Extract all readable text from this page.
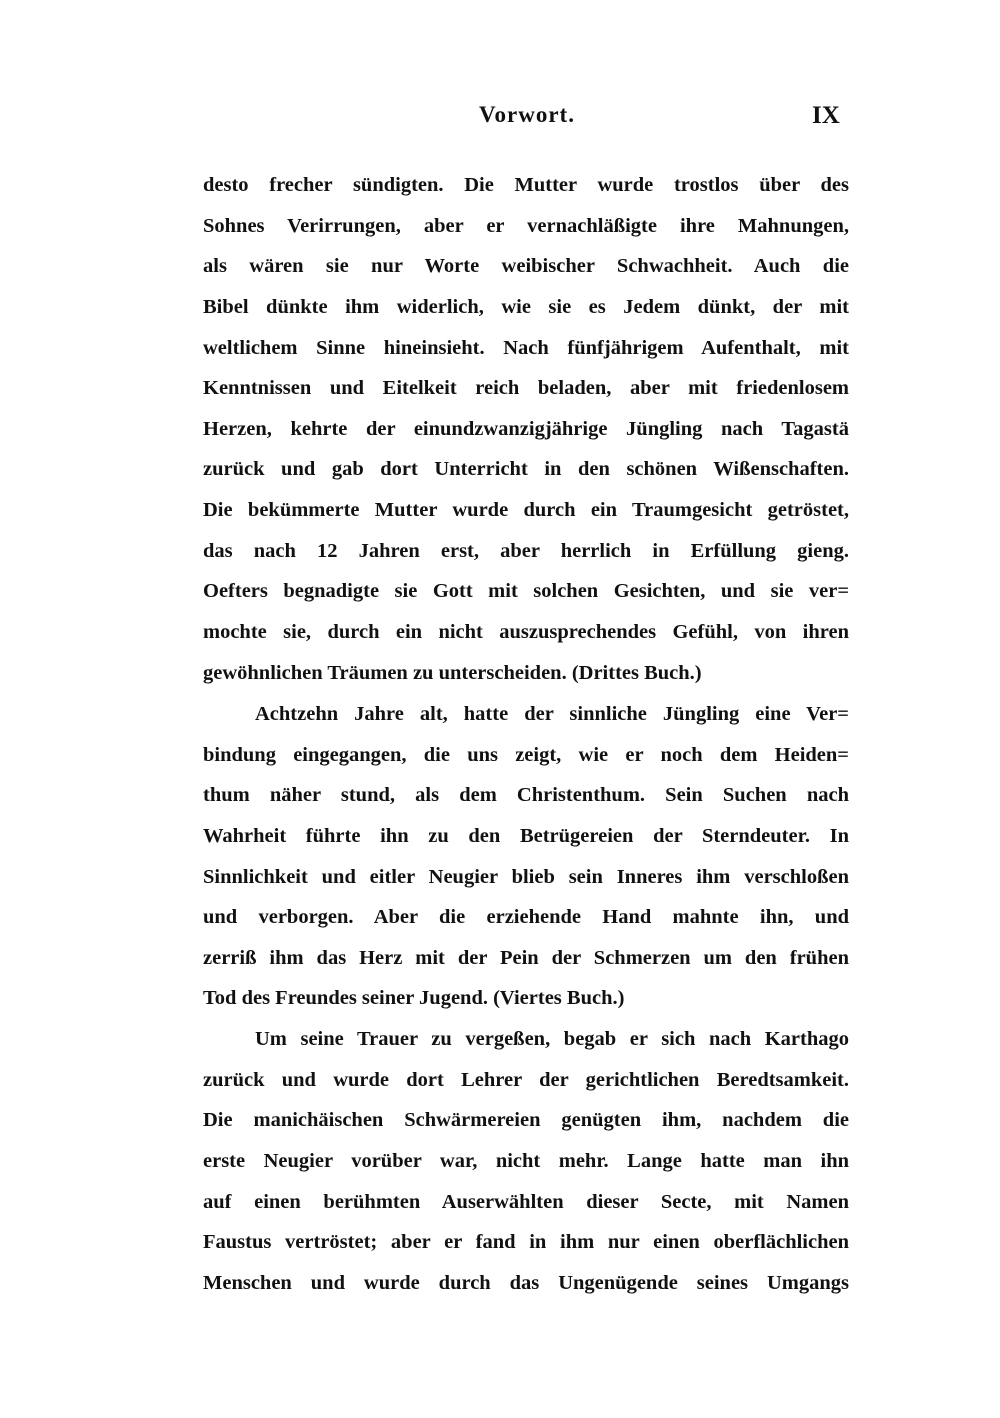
Vorwort.	IX
desto frecher sündigten. Die Mutter wurde trostlos über des
Sohnes Verirrungen, aber er vernachläßigte ihre Mahnungen,
als wären sie nur Worte weibischer Schwachheit. Auch die
Bibel dünkte ihm widerlich, wie sie es Jedem dünkt, der mit
weltlichem Sinne hineinsieht. Nach fünfjährigem Aufenthalt, mit
Kenntnissen und Eitelkeit reich beladen, aber mit friedenlosem
Herzen, kehrte der einundzwanzigjährige Jüngling nach Tagastä
zurück und gab dort Unterricht in den schönen Wißenschaften.
Die bekümmerte Mutter wurde durch ein Traumgesicht getröstet,
das nach 12 Jahren erst, aber herrlich in Erfüllung gieng.
Oefters begnadigte sie Gott mit solchen Gesichten, und sie ver=
mochte sie, durch ein nicht auszusprechendes Gefühl, von ihren
gewöhnlichen Träumen zu unterscheiden. (Drittes Buch.)
Achtzehn Jahre alt, hatte der sinnliche Jüngling eine Ver=
bindung eingegangen, die uns zeigt, wie er noch dem Heiden=
thum näher stund, als dem Christenthum. Sein Suchen nach
Wahrheit führte ihn zu den Betrügereien der Sterndeuter. In
Sinnlichkeit und eitler Neugier blieb sein Inneres ihm verschloßen
und verborgen. Aber die erziehende Hand mahnte ihn, und
zerriß ihm das Herz mit der Pein der Schmerzen um den frühen
Tod des Freundes seiner Jugend. (Viertes Buch.)
Um seine Trauer zu vergeßen, begab er sich nach Karthago
zurück und wurde dort Lehrer der gerichtlichen Beredtsamkeit.
Die manichäischen Schwärmereien genügten ihm, nachdem die
erste Neugier vorüber war, nicht mehr. Lange hatte man ihn
auf einen berühmten Auserwählten dieser Secte, mit Namen
Faustus vertröstet; aber er fand in ihm nur einen oberflächlichen
Menschen und wurde durch das Ungenügende seines Umgangs
